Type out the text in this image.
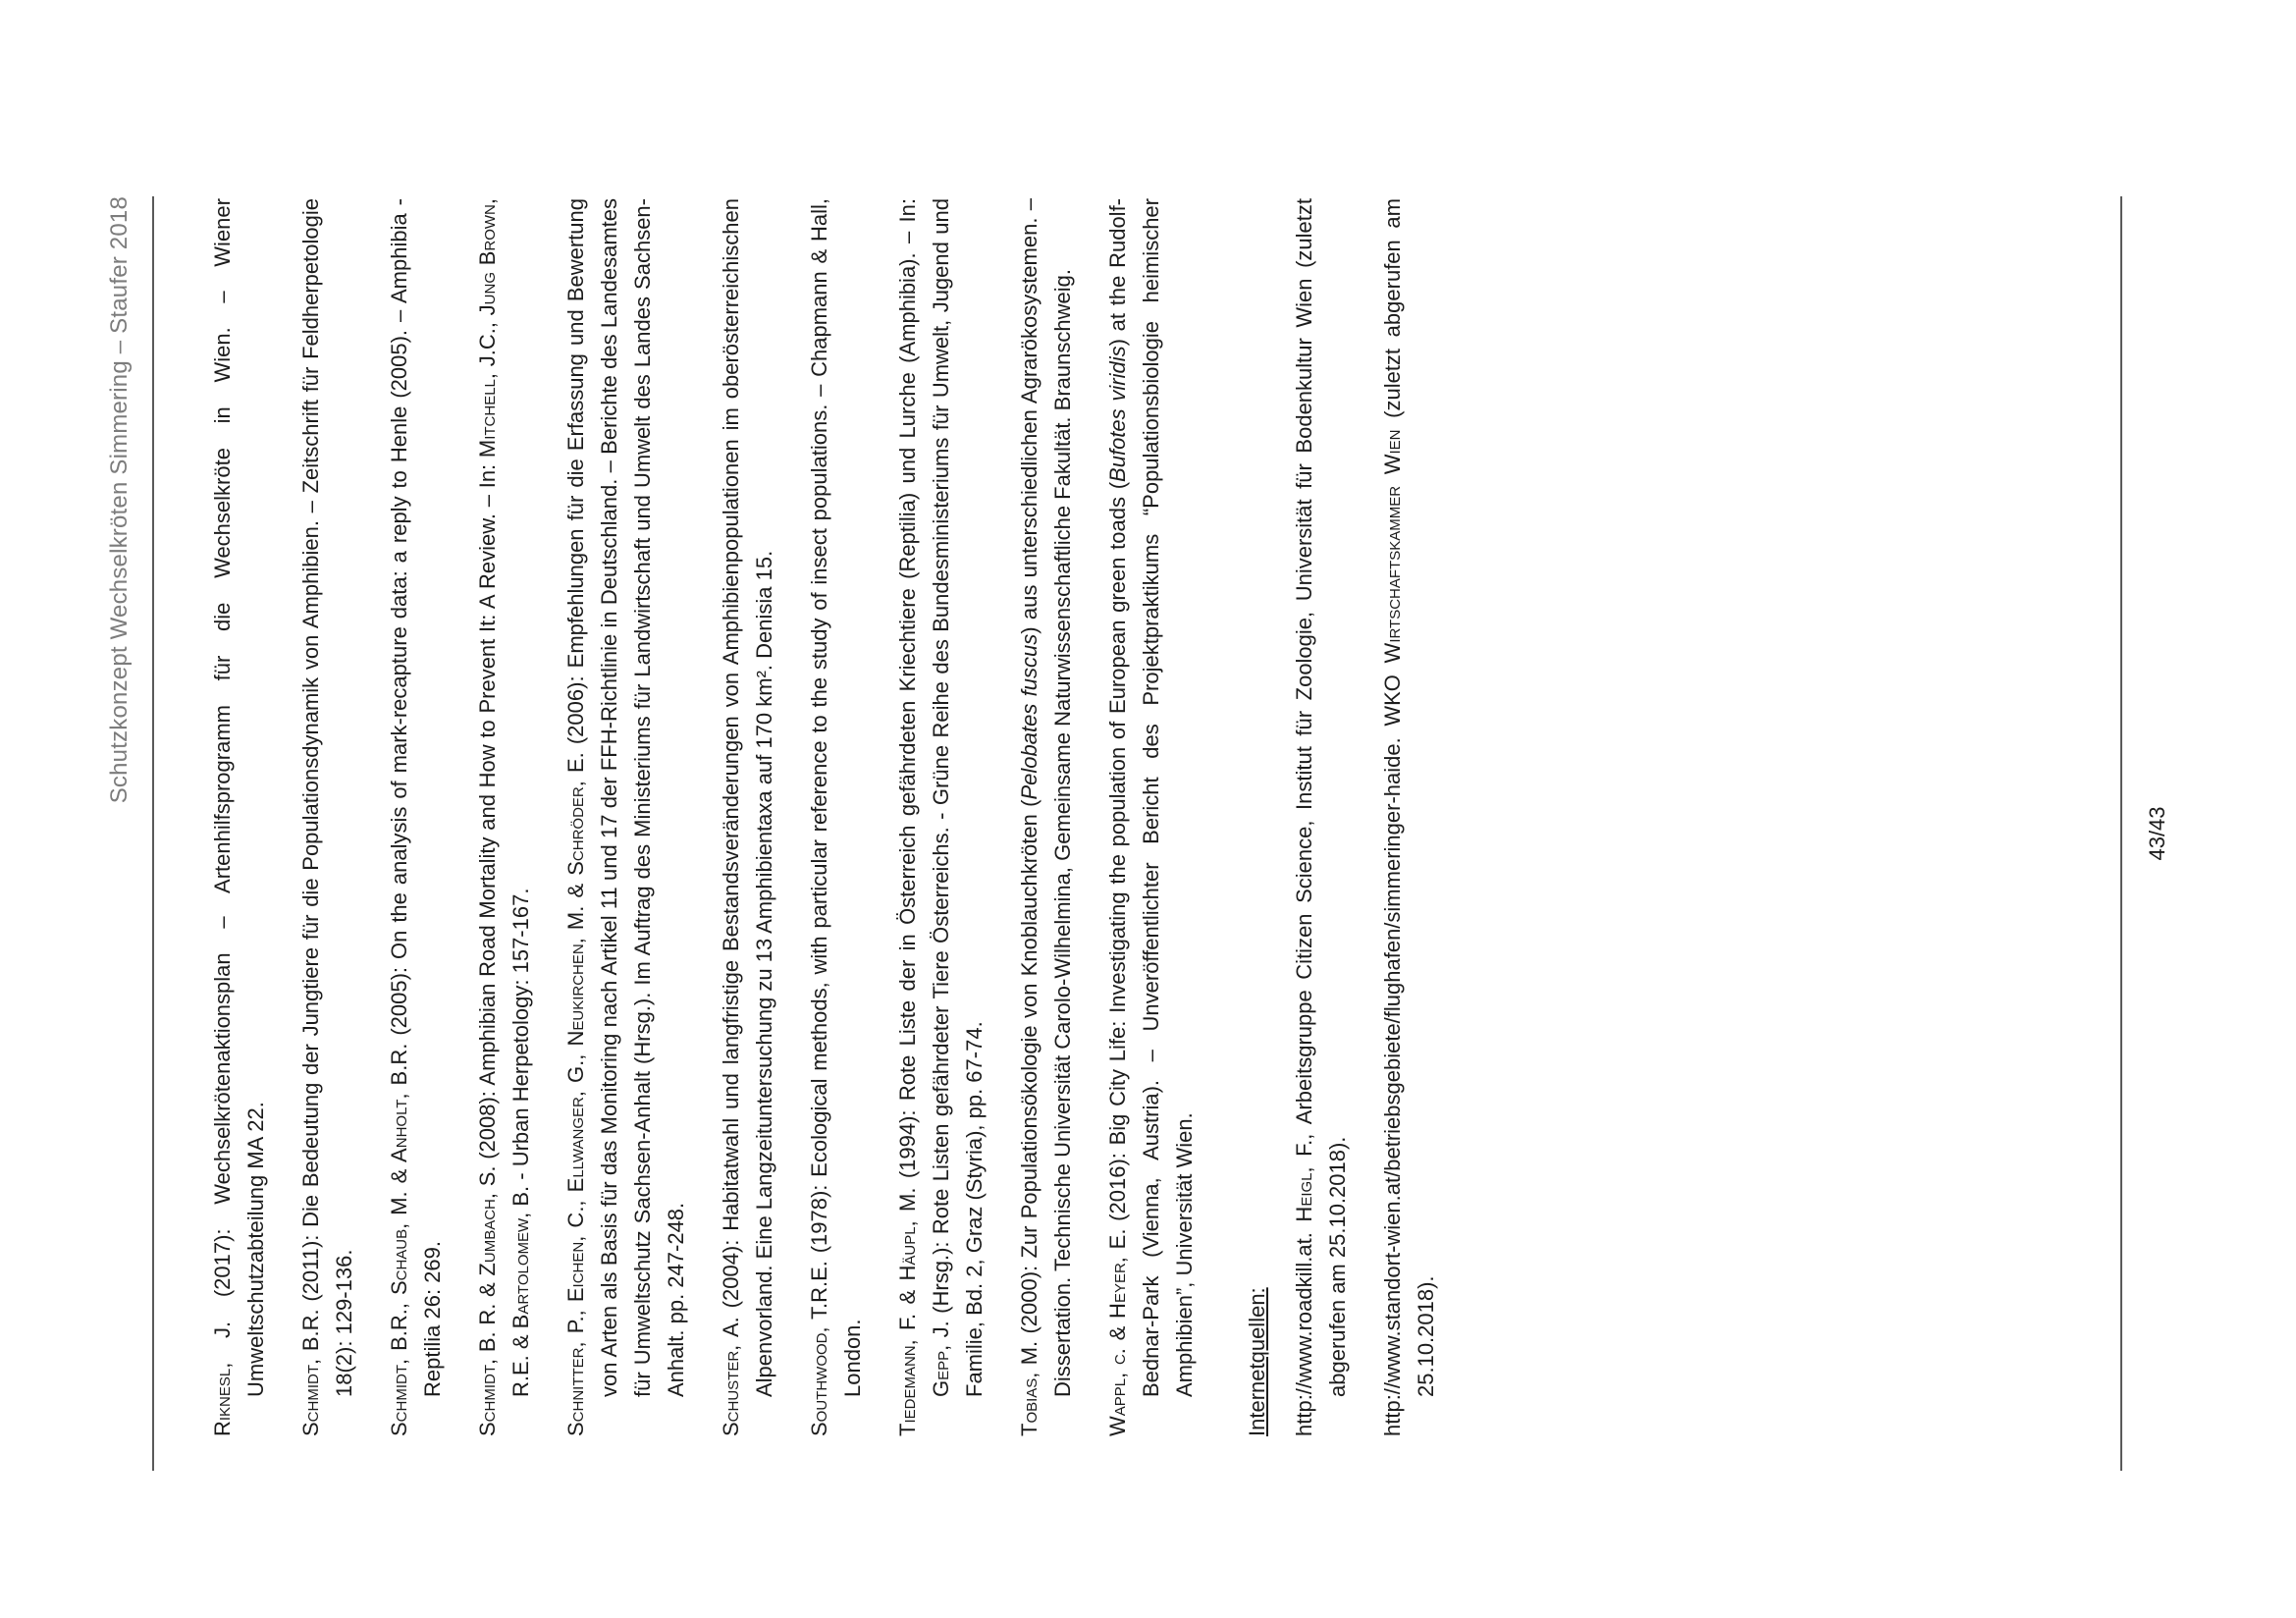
Schutzkonzept Wechselkröten Simmering – Staufer 2018

Riknesl, J. (2017): Wechselkrötenaktionsplan – Artenhilfsprogramm für die Wechselkröte in Wien. – Wiener Umweltschutzabteilung MA 22. Schmidt, B.R. (2011): Die Bedeutung der Jungtiere für die Populationsdynamik von Amphibien. – Zeitschrift für Feldherpetologie 18(2): 129-136. Schmidt, B.R., Schaub, M. & Anholt, B.R. (2005): On the analysis of mark-recapture data: a reply to Henle (2005). – Amphibia - Reptilia 26: 269. Schmidt, B. R. & Zumbach, S. (2008): Amphibian Road Mortality and How to Prevent It: A Review. – In: Mitchell, J.C., Jung Brown, R.E. & Bartolomew, B. - Urban Herpetology: 157-167. Schnitter, P., Eichen, C., Ellwanger, G., Neukirchen, M. & Schröder, E. (2006): Empfehlungen für die Erfassung und Bewertung von Arten als Basis für das Monitoring nach Artikel 11 und 17 der FFH-Richtlinie in Deutschland. – Berichte des Landesamtes für Umweltschutz Sachsen-Anhalt (Hrsg.). Im Auftrag des Ministeriums für Landwirtschaft und Umwelt des Landes Sachsen-Anhalt. pp. 247-248. Schuster, A. (2004): Habitatwahl und langfristige Bestandsveränderungen von Amphibienpopulationen im oberösterreichischen Alpenvorland. Eine Langzeituntersuchung zu 13 Amphibientaxa auf 170 km². Denisia 15. Southwood, T.R.E. (1978): Ecological methods, with particular reference to the study of insect populations. – Chapmann & Hall, London. Tiedemann, F. & Häupl, M. (1994): Rote Liste der in Österreich gefährdeten Kriechtiere (Reptilia) und Lurche (Amphibia). – In: Gepp, J. (Hrsg.): Rote Listen gefährdeter Tiere Österreichs. - Grüne Reihe des Bundesministeriums für Umwelt, Jugend und Familie, Bd. 2, Graz (Styria), pp. 67-74. Tobias, M. (2000): Zur Populationsökologie von Knoblauchkröten (Pelobates fuscus) aus unterschiedlichen Agrarökosystemen. – Dissertation. Technische Universität Carolo-Wilhelmina, Gemeinsame Naturwissenschaftliche Fakultät. Braunschweig. Wappl, c. & Heyer, E. (2016): Big City Life: Investigating the population of European green toads (Bufotes viridis) at the Rudolf-Bednar-Park (Vienna, Austria). – Unveröffentlichter Bericht des Projektpraktikums “Populationsbiologie heimischer Amphibien”, Universität Wien. Internetquellen: http://www.roadkill.at. Heigl, F., Arbeitsgruppe Citizen Science, Institut für Zoologie, Universität für Bodenkultur Wien (zuletzt abgerufen am 25.10.2018). http://www.standort-wien.at/betriebsgebiete/flughafen/simmeringer-haide. WKO Wirtschaftskammer Wien (zuletzt abgerufen am 25.10.2018).

43/43
